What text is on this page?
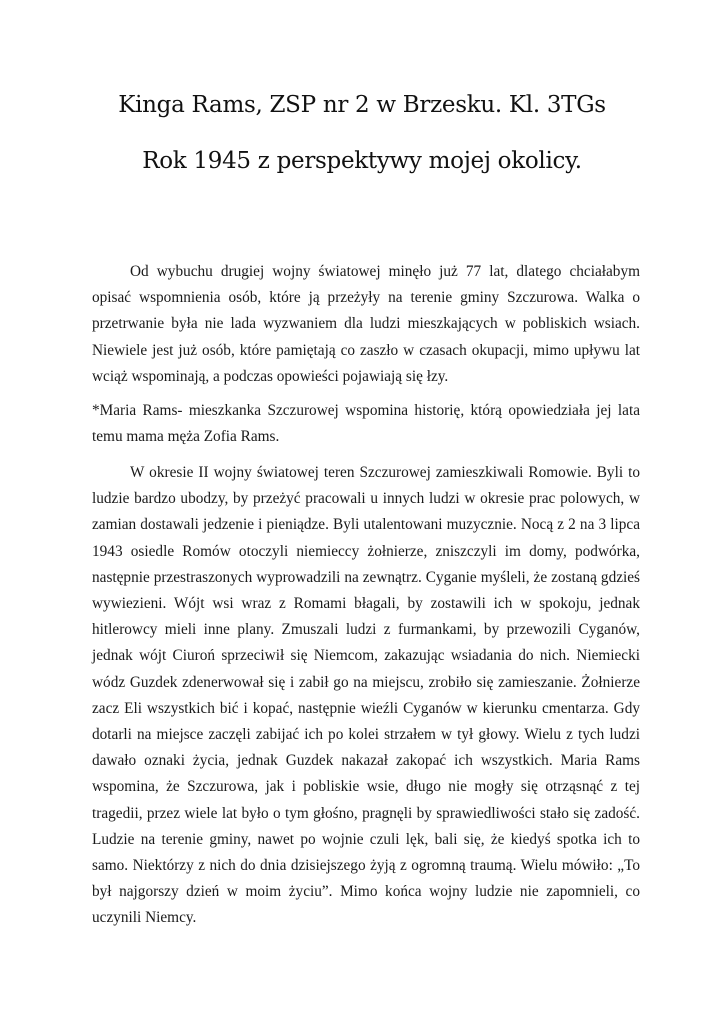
Kinga Rams, ZSP nr 2 w Brzesku. Kl. 3TGs
Rok 1945 z perspektywy mojej okolicy.

Od wybuchu drugiej wojny światowej minęło już 77 lat, dlatego chciałabym opisać wspomnienia osób, które ją przeżyły na terenie gminy Szczurowa. Walka o przetrwanie była nie lada wyzwaniem dla ludzi mieszkających w pobliskich wsiach. Niewiele jest już osób, które pamiętają co zaszło w czasach okupacji, mimo upływu lat wciąż wspominają, a podczas opowieści pojawiają się łzy.

*Maria Rams- mieszkanka Szczurowej wspomina historię, którą opowiedziała jej lata temu mama męża Zofia Rams.

W okresie II wojny światowej teren Szczurowej zamieszkiwali Romowie. Byli to ludzie bardzo ubodzy, by przeżyć pracowali u innych ludzi w okresie prac polowych, w zamian dostawali jedzenie i pieniądze. Byli utalentowani muzycznie. Nocą z 2 na 3 lipca 1943 osiedle Romów otoczyli niemieccy żołnierze, zniszczyli im domy, podwórka, następnie przestraszonych wyprowadzili na zewnątrz. Cyganie myśleli, że zostaną gdzieś wywiezieni. Wójt wsi wraz z Romami błagali, by zostawili ich w spokoju, jednak hitlerowcy mieli inne plany. Zmuszali ludzi z furmankami, by przewozili Cyganów, jednak wójt Ciuroń sprzeciwił się Niemcom, zakazując wsiadania do nich. Niemiecki wódz Guzdek zdenerwował się i zabił go na miejscu, zrobiło się zamieszanie. Żołnierze zacz Eli wszystkich bić i kopać, następnie wieźli Cyganów w kierunku cmentarza. Gdy dotarli na miejsce zaczęli zabijać ich po kolei strzałem w tył głowy. Wielu z tych ludzi dawało oznaki życia, jednak Guzdek nakazał zakopać ich wszystkich. Maria Rams wspomina, że Szczurowa, jak i pobliskie wsie, długo nie mogły się otrząsnąć z tej tragedii, przez wiele lat było o tym głośno, pragnęli by sprawiedliwości stało się zadość. Ludzie na terenie gminy, nawet po wojnie czuli lęk, bali się, że kiedyś spotka ich to samo. Niektórzy z nich do dnia dzisiejszego żyją z ogromną traumą. Wielu mówiło: „To był najgorszy dzień w moim życiu”. Mimo końca wojny ludzie nie zapomnieli, co uczynili Niemcy.
